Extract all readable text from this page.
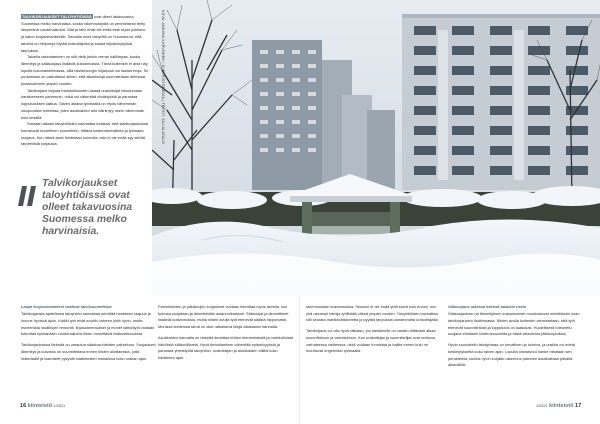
TALVIKORJAUKSET TALOYHTIÖISSÄ ovat olleet takavuosina Suomessa melko harvinaisia, koska rakennustyötä on perinteisesti tehty lämpiminä vuodenaikoina. Sää ja talvi eivät ole enää este myös julkisivu- ja katon korjaushankkeille. Samalla moni taloyhtiö on huomannut, että talvella on helpompi löytää urakoitsijoita ja saada kilpailukykyisiä tarjouksia.

Talvella rakentaminen on silti vielä jonkin verran kalliimpaa, koska lämmitys ja sääsuojaus lisäävät kustannuksia. Tämä kuitenkin ei aina näy lopulta kokonaishinnassa, sillä talvisesongin hiljaisuus voi tasata eroja. Se puolestaan on vaikuttanut siihen, että aikatauluja suunnitellaan aiempaa joustavammin ympäri vuoden.

Talvikorjaus tarjoaa mahdollisuuden saada urakoitsijat sitoutumaan hankkeeseen paremmin, mikä voi vähentää viivästyksiä ja parantaa lopputuloksen laatua. Talven aikana työmaalla on myös vähemmän ulkopuolista toimintaa, joten asukkaiden arki häiriintyy usein vähemmän kuin kesällä.

Samaan aikaan taloyhtiöiden kannattaa muistaa, että talvikorjauksissa korostuvat huolellinen suunnittelu, riittävä kosteudenhallinta ja työmaan suojaus. Kun nämä asiat hoidetaan kunnolla, talvi ei ole enää syy siirtää tarpeellista korjausta.

KUVA: ANNIINA KARVONEN / KIINTEISTÖMEDIA | TEKSTI: KAJ ALATALO
Talvikorjaukset taloyhtiöissä ovat olleet takavuosina Suomessa melko harvinaisia.
Laajat korjaushankkeet vaativat talvisuunnittelua

Talvikorjausta ajatellessa taloyhtiön kannattaa selvittää hankkeen laajuus ja luonne hyvissä ajoin. Kaikki työt eivät sovellu talveen yhtä hyvin, mutta esimerkiksi sisätilojen remontit, linjasaneeraukset ja monet sähkötyöt voidaan toteuttaa kylmänäkin vuodenaikana ilman merkittäviä lisäkustannuksia.

Talvikorjauksissa tärkeää on varautua sääolosuhteiden vaihteluun. Suojaukset, lämmitys ja kuivatus on suunniteltava ennen töiden aloittamista, jotta materiaalit ja rakenteet pysyvät vaatimusten mukaisina koko urakan ajan.

Parvekkeiden ja julkisivujen korjaukset voidaan toteuttaa myös talvella, kun työmaa suojataan ja lämmitetään asianmukaisesti. Sääsuojat ja lämmittimet lisäävät kustannuksia, mutta niiden avulla työt etenevät säästä riippumatta. Monissa kohteissa tämä on ollut ratkaiseva tekijä aikataulun kannalta.

Asukkaiden kannalta on tärkeää tiedottaa töiden etenemisestä ja mahdollisista häiriöistä säännöllisesti. Hyvä tiedottaminen vähentää epäselvyyksiä ja parantaa yhteistyötä taloyhtiön, urakoitsijan ja asukkaiden välillä koko hankkeen ajan.

rakennusalan kustannuksia. Sesonki ei ole enää yhtä selvä kuin ennen, kun yhä useampi toimija työllistää väkeä ympäri vuoden. Taloyhtiöiden kannattaa silti seurata markkinatilannetta ja pyytää tarjouksia useammalta urakoitsijalta.

Talvikorjaus voi olla hyvä ratkaisu, jos hankkeelle on varattu riittävästi aikaa suunnitteluun ja valmisteluun. Kun urakoitsijat ja suunnittelijat ovat mukana varhaisessa vaiheessa, riskit voidaan tunnistaa ja hallita ennen kuin ne muuttuvat ongelmiksi työmaalla.

Sääsuojaus maksaa itsensä takaisin usein

Sääsuojauksen ja lämmityksen kustannukset muodostavat merkittävän osan talvikorjausten lisähinnasta. Niiden avulla kuitenkin varmistetaan, että työt etenevät suunnitellusti ja lopputulos on laadukas. Huolellisesti toteutettu suojaus ehkäisee kosteusvaurioita ja niistä aiheutuvia jälkikorjauksia.

Hyvin suunniteltu talvityömaa on turvallinen ja toimiva, ja urakka voi edetä keskeytyksettä koko talven ajan. Lopulta onnistunut hanke mitataan sen perusteella, kuinka hyvin korjattu rakennus palvelee asukkaitaan pitkällä aikavälillä.

16 kiinteistö 1/2021	1/2021 kiinteistö 17
